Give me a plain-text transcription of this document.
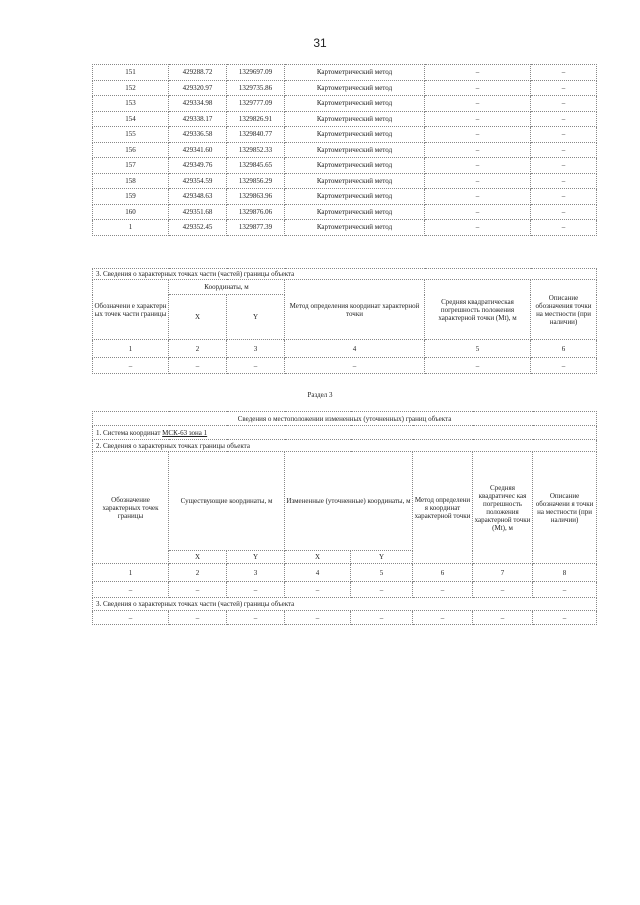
31
151	429288.72	1329697.09	Картометрический метод	–	–
152	429320.97	1329735.86	Картометрический метод	–	–
153	429334.98	1329777.09	Картометрический метод	–	–
154	429338.17	1329826.91	Картометрический метод	–	–
155	429336.58	1329840.77	Картометрический метод	–	–
156	429341.60	1329852.33	Картометрический метод	–	–
157	429349.76	1329845.65	Картометрический метод	–	–
158	429354.59	1329856.29	Картометрический метод	–	–
159	429348.63	1329863.96	Картометрический метод	–	–
160	429351.68	1329876.06	Картометрический метод	–	–
1	429352.45	1329877.39	Картометрический метод	–	–
3. Сведения о характерных точках части (частей) границы объекта					
Обозначени е характерн ых точек части границы	Координаты, м		Метод определения координат характерной точки	Средняя квадратическая погрешность положения характерной точки (Mt), м	Описание обозначения точки на местности (при наличии)
	X	Y			
1	2	3	4	5	6
–	–	–	–	–	–
Раздел 3
Сведения о местоположении измененных (уточненных) границ объекта							
1. Система координат МСК-63 зона 1							
2. Сведения о характерных точках границы объекта							
Обозначение характерных точек границы	Существующие координаты, м		Измененные (уточненные) координаты, м		Метод определени я координат характерной точки	Средняя квадратичес кая погрешность положения характерной точки (Mt), м	Описание обозначени я точки на местности (при наличии)
	X	Y	X	Y			
1	2	3	4	5	6	7	8
–	–	–	–	–	–	–	–
3. Сведения о характерных точках части (частей) границы объекта							
–	–	–	–	–	–	–	–
